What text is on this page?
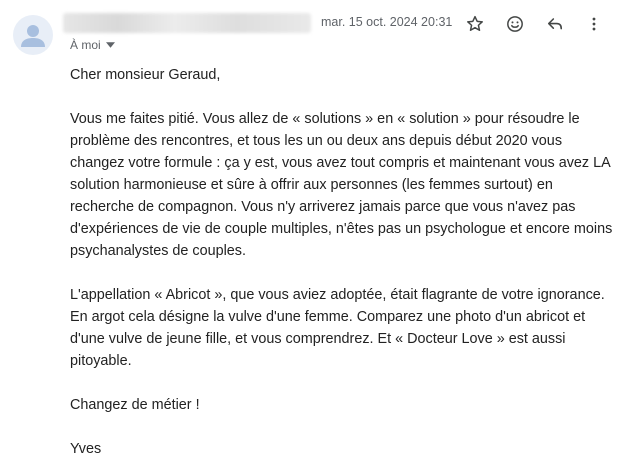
mar. 15 oct. 2024 20:31
À moi

Cher monsieur Geraud,

Vous me faites pitié. Vous allez de « solutions » en « solution » pour résoudre le problème des rencontres, et tous les un ou deux ans depuis début 2020 vous changez votre formule : ça y est, vous avez tout compris et maintenant vous avez LA solution harmonieuse et sûre à offrir aux personnes (les femmes surtout) en recherche de compagnon. Vous n'y arriverez jamais parce que vous n'avez pas d'expériences de vie de couple multiples, n'êtes pas un psychologue et encore moins psychanalystes de couples.

L'appellation « Abricot », que vous aviez adoptée, était flagrante de votre ignorance. En argot cela désigne la vulve d'une femme. Comparez une photo d'un abricot et d'une vulve de jeune fille, et vous comprendrez. Et « Docteur Love » est aussi pitoyable.

Changez de métier !

Yves
